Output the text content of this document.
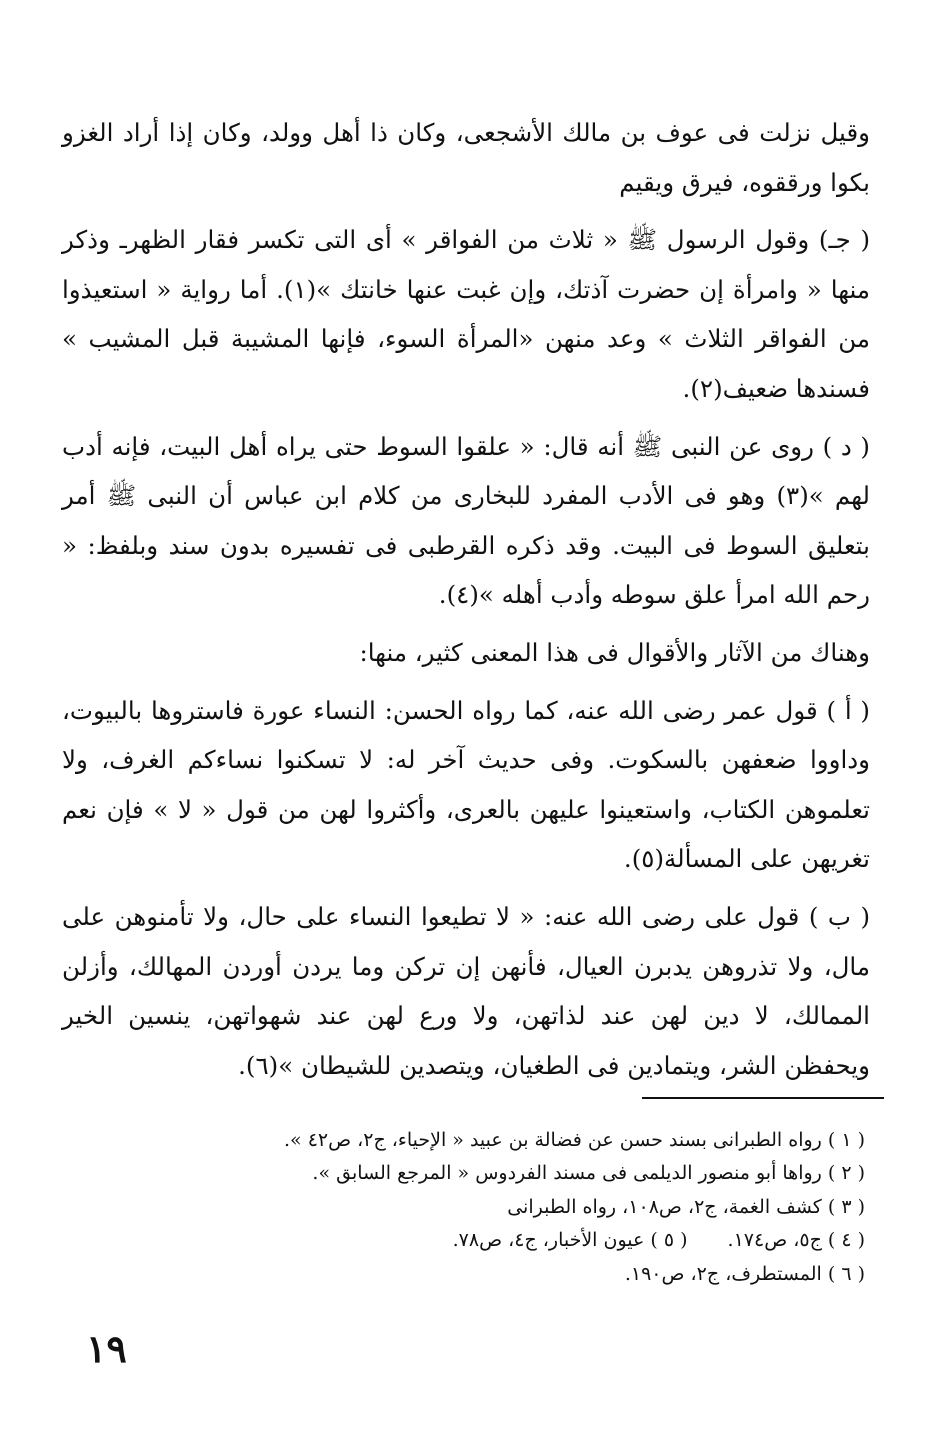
وقيل نزلت فى عوف بن مالك الأشجعى، وكان ذا أهل وولد، وكان إذا أراد الغزو بكوا ورققوه، فيرق ويقيم

( جـ) وقول الرسول ﷺ « ثلاث من الفواقر » أى التى تكسر فقار الظهرـ وذكر منها « وامرأة إن حضرت آذتك، وإن غبت عنها خانتك »(١). أما رواية « استعيذوا من الفواقر الثلاث » وعد منهن «المرأة السوء، فإنها المشيبة قبل المشيب » فسندها ضعيف(٢).

( د ) روى عن النبى ﷺ أنه قال: « علقوا السوط حتى يراه أهل البيت، فإنه أدب لهم »(٣) وهو فى الأدب المفرد للبخارى من كلام ابن عباس أن النبى ﷺ أمر بتعليق السوط فى البيت. وقد ذكره القرطبى فى تفسيره بدون سند وبلفظ: « رحم الله امرأ علق سوطه وأدب أهله »(٤).

وهناك من الآثار والأقوال فى هذا المعنى كثير، منها:

( أ ) قول عمر رضى الله عنه، كما رواه الحسن: النساء عورة فاستروها بالبيوت، وداووا ضعفهن بالسكوت. وفى حديث آخر له: لا تسكنوا نساءكم الغرف، ولا تعلموهن الكتاب، واستعينوا عليهن بالعرى، وأكثروا لهن من قول « لا » فإن نعم تغريهن على المسألة(٥).

( ب ) قول على رضى الله عنه: « لا تطيعوا النساء على حال، ولا تأمنوهن على مال، ولا تذروهن يدبرن العيال، فأنهن إن تركن وما يردن أوردن المهالك، وأزلن الممالك، لا دين لهن عند لذاتهن، ولا ورع لهن عند شهواتهن، ينسين الخير ويحفظن الشر، ويتمادين فى الطغيان، ويتصدين للشيطان »(٦).

( ١ ) رواه الطبرانى بسند حسن عن فضالة بن عبيد « الإحياء، ج٢، ص٤٢ ».
( ٢ ) رواها أبو منصور الديلمى فى مسند الفردوس « المرجع السابق ».
( ٣ ) كشف الغمة، ج٢، ص١٠٨، رواه الطبرانى
( ٤ ) ج٥، ص١٧٤.
( ٥ ) عيون الأخبار، ج٤، ص٧٨.
( ٦ ) المستطرف، ج٢، ص١٩٠.
١٩
